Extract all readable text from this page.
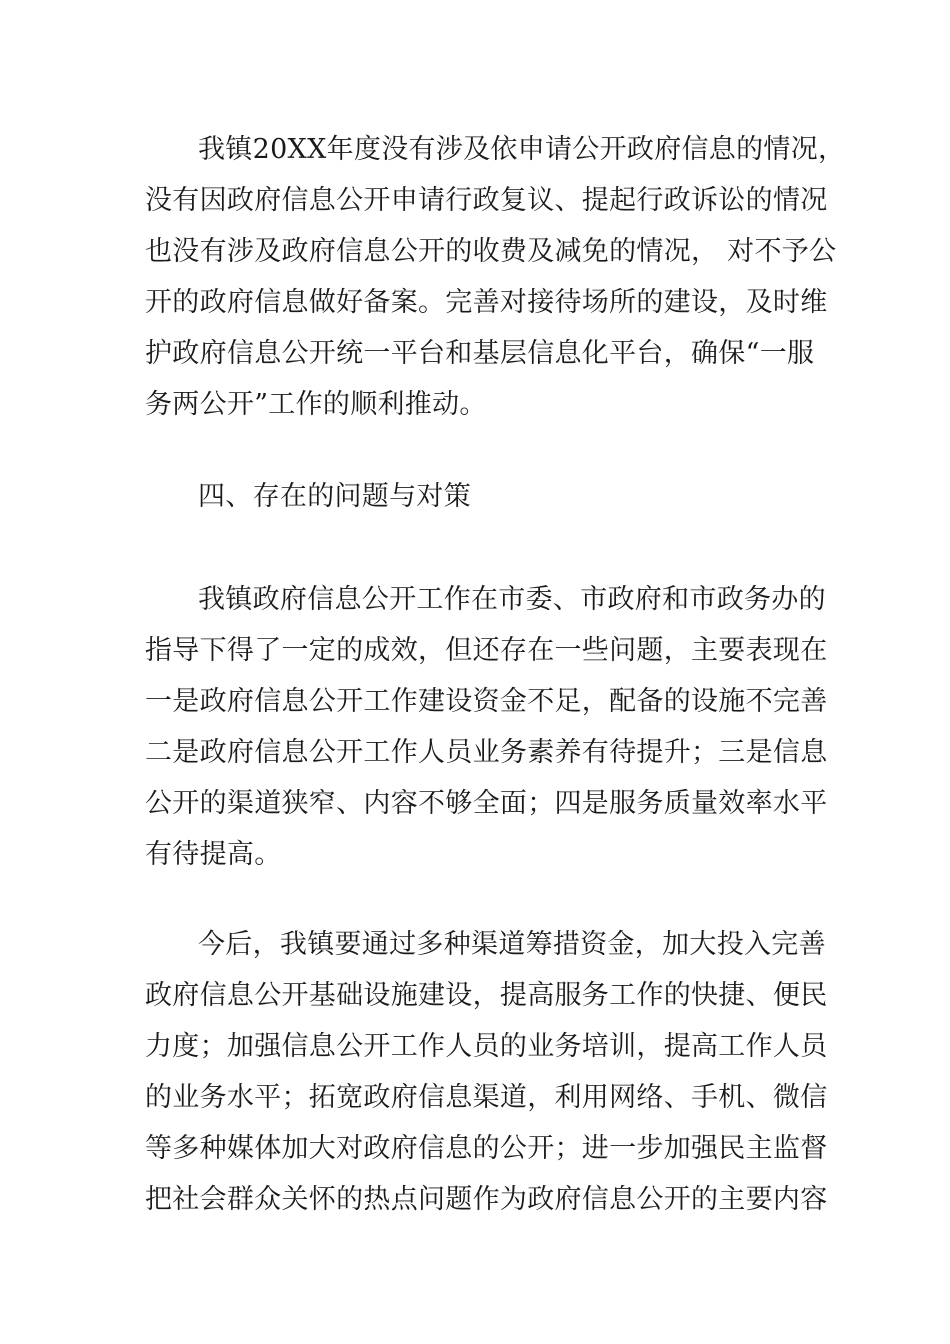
我镇20XX年度没有涉及依申请公开政府信息的情况，
没有因政府信息公开申请行政复议、提起行政诉讼的情况
也没有涉及政府信息公开的收费及减免的情况， 对不予公
开的政府信息做好备案。完善对接待场所的建设，及时维
护政府信息公开统一平台和基层信息化平台，确保“一服
务两公开”工作的顺利推动。
四、存在的问题与对策
我镇政府信息公开工作在市委、市政府和市政务办的
指导下得了一定的成效，但还存在一些问题，主要表现在
一是政府信息公开工作建设资金不足，配备的设施不完善
二是政府信息公开工作人员业务素养有待提升；三是信息
公开的渠道狭窄、内容不够全面；四是服务质量效率水平
有待提高。
今后，我镇要通过多种渠道筹措资金，加大投入完善
政府信息公开基础设施建设，提高服务工作的快捷、便民
力度；加强信息公开工作人员的业务培训，提高工作人员
的业务水平；拓宽政府信息渠道，利用网络、手机、微信
等多种媒体加大对政府信息的公开；进一步加强民主监督
把社会群众关怀的热点问题作为政府信息公开的主要内容
